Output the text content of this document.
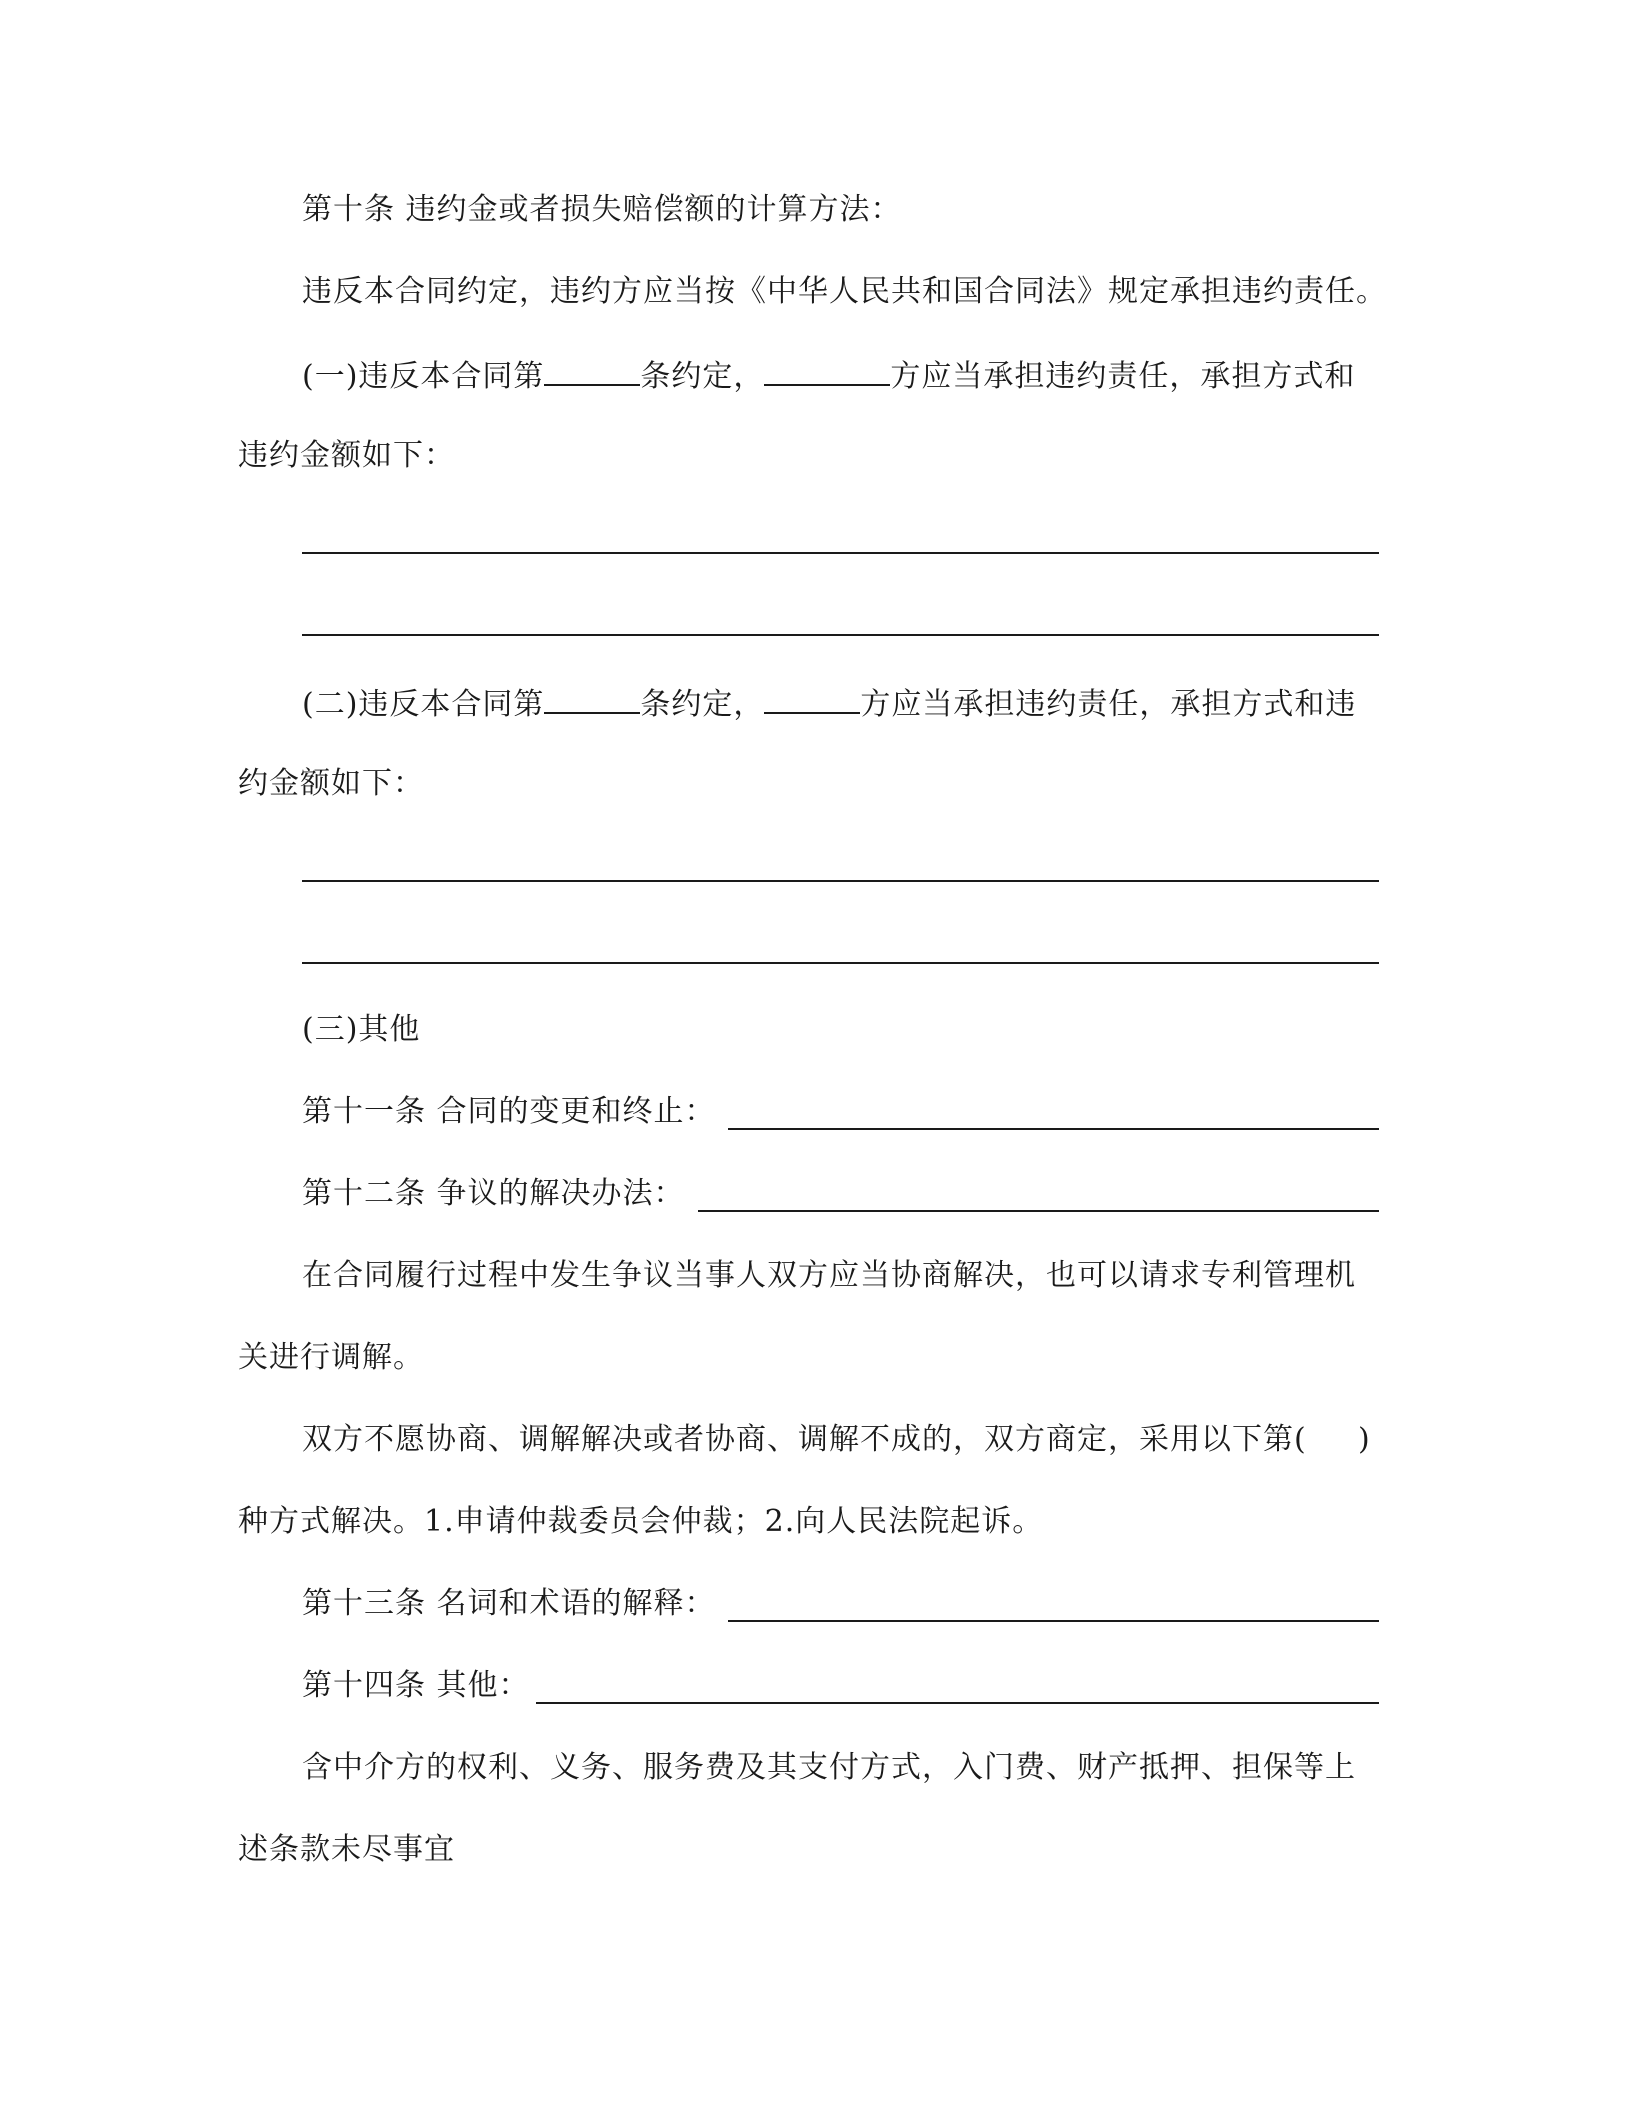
第十条 违约金或者损失赔偿额的计算方法：
违反本合同约定，违约方应当按《中华人民共和国合同法》规定承担违约责任。
(一)违反本合同第	条约定，	方应当承担违约责任，承担方式和
违约金额如下：
(二)违反本合同第	条约定，	方应当承担违约责任，承担方式和违
约金额如下：
(三)其他
第十一条 合同的变更和终止：
第十二条 争议的解决办法：
在合同履行过程中发生争议当事人双方应当协商解决，也可以请求专利管理机
关进行调解。
双方不愿协商、调解解决或者协商、调解不成的，双方商定，采用以下第( )
种方式解决。1.申请仲裁委员会仲裁；2.向人民法院起诉。
第十三条 名词和术语的解释：
第十四条 其他：
含中介方的权利、义务、服务费及其支付方式，入门费、财产抵押、担保等上
述条款未尽事宜
